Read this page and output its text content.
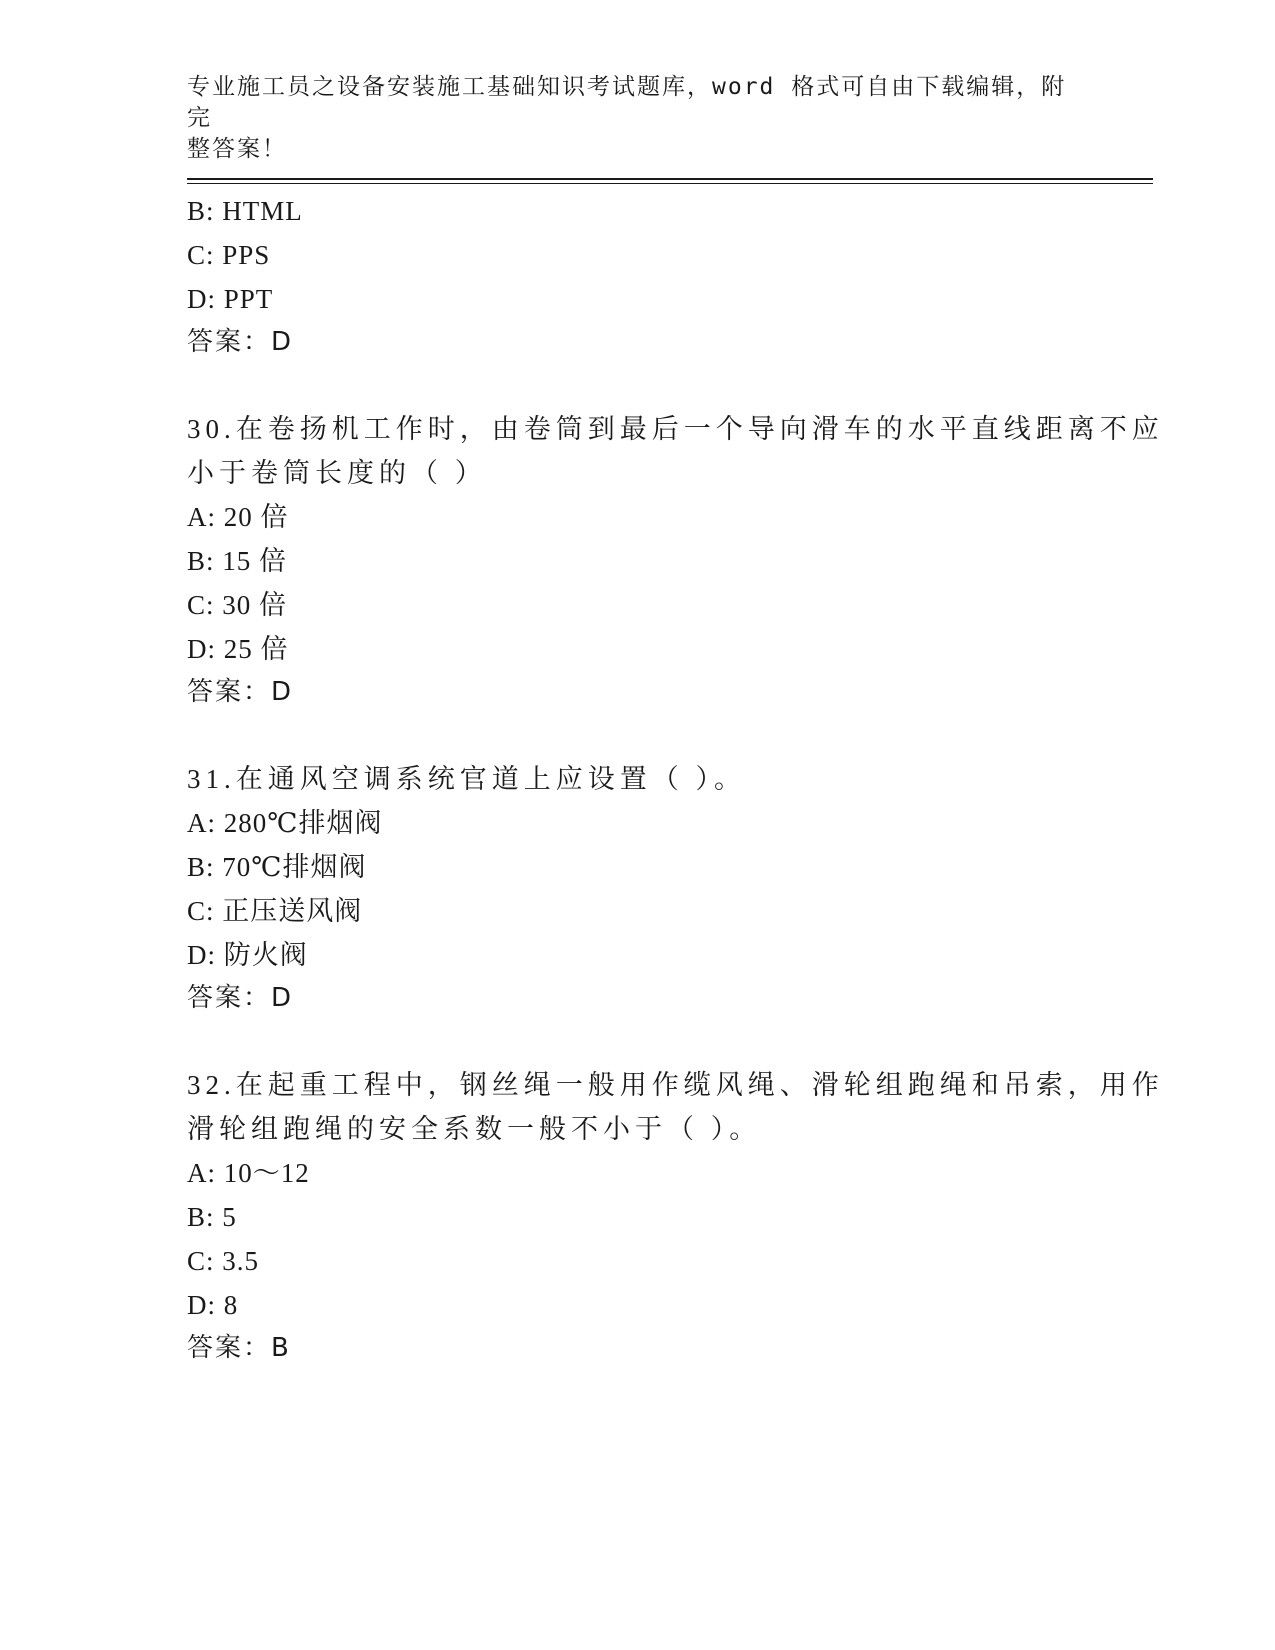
专业施工员之设备安装施工基础知识考试题库，word 格式可自由下载编辑，附完
整答案！
B: HTML
C: PPS
D: PPT
答案：D
30.在卷扬机工作时，由卷筒到最后一个导向滑车的水平直线距离不应
小于卷筒长度的（ ）
A: 20 倍
B: 15 倍
C: 30 倍
D: 25 倍
答案：D
31.在通风空调系统官道上应设置（ ）。
A: 280℃排烟阀
B: 70℃排烟阀
C: 正压送风阀
D: 防火阀
答案：D
32.在起重工程中，钢丝绳一般用作缆风绳、滑轮组跑绳和吊索，用作
滑轮组跑绳的安全系数一般不小于（ ）。
A: 10～12
B: 5
C: 3.5
D: 8
答案：B
